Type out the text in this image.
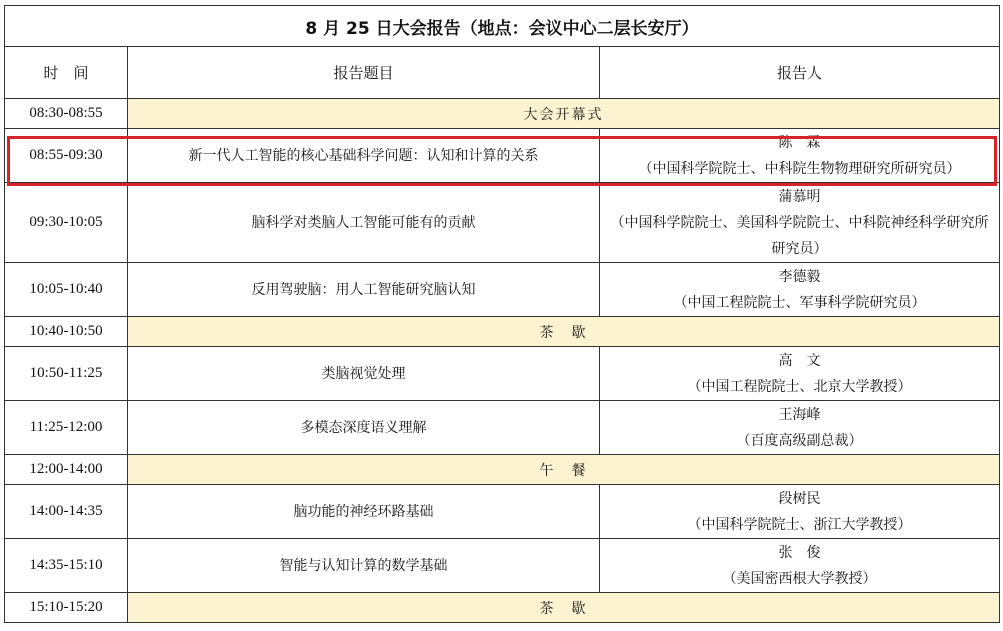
8 月 25 日大会报告（地点：会议中心二层长安厅）		
时　间	报告题目	报告人
08:30-08:55	大会开幕式	
08:55-09:30	新一代人工智能的核心基础科学问题：认知和计算的关系	陈　霖
（中国科学院院士、中科院生物物理研究所研究员）

09:30-10:05	脑科学对类脑人工智能可能有的贡献	蒲慕明
（中国科学院院士、美国科学院院士、中科院神经科学研究所研究员）

10:05-10:40	反用驾驶脑：用人工智能研究脑认知	李德毅
（中国工程院院士、军事科学院研究员）

10:40-10:50	茶　歇	
10:50-11:25	类脑视觉处理	高　文
（中国工程院院士、北京大学教授）

11:25-12:00	多模态深度语义理解	王海峰
（百度高级副总裁）

12:00-14:00	午　餐	
14:00-14:35	脑功能的神经环路基础	段树民
（中国科学院院士、浙江大学教授）

14:35-15:10	智能与认知计算的数学基础	张　俊
（美国密西根大学教授）

15:10-15:20	茶　歇	
